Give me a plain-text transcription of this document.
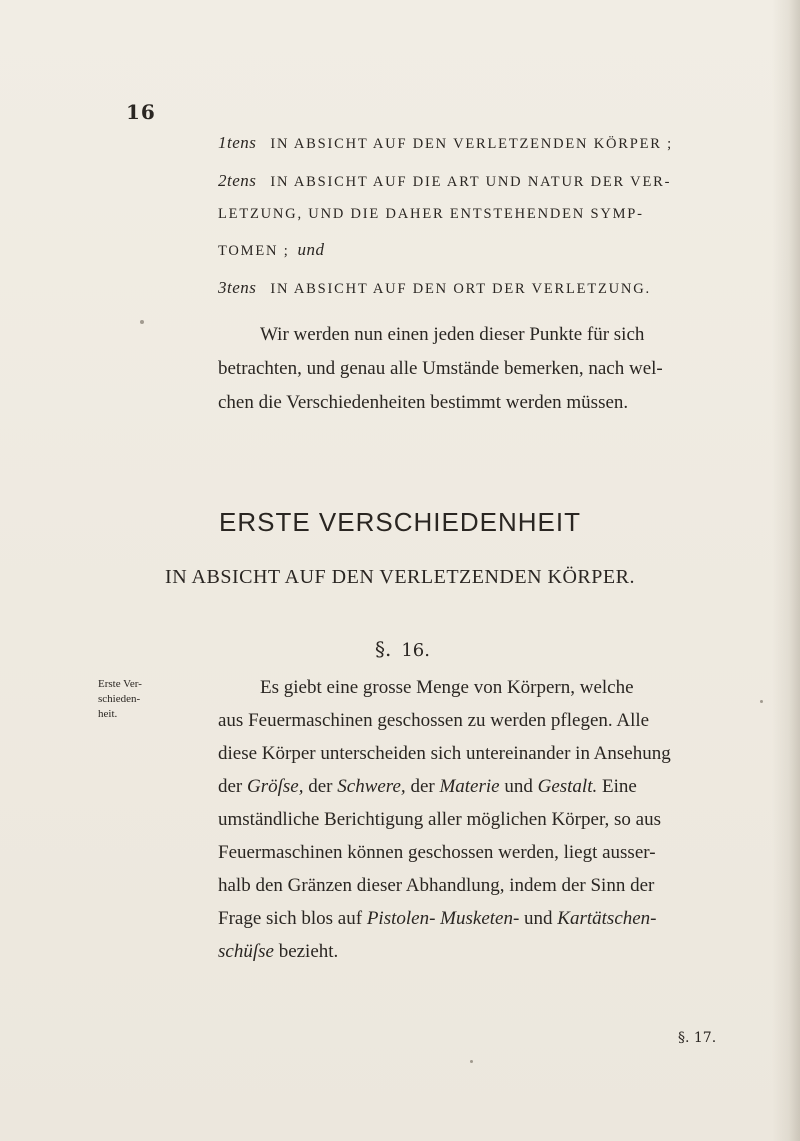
16
1tens IN ABSICHT AUF DEN VERLETZENDEN KÖRPER ;
2tens IN ABSICHT AUF DIE ART UND NATUR DER VER-
LETZUNG, UND DIE DAHER ENTSTEHENDEN SYMP-
TOMEN ; und
3tens IN ABSICHT AUF DEN ORT DER VERLETZUNG.
Wir werden nun einen jeden dieser Punkte für sich
betrachten, und genau alle Umstände bemerken, nach wel-
chen die Verschiedenheiten bestimmt werden müssen.
ERSTE VERSCHIEDENHEIT
IN ABSICHT AUF DEN VERLETZENDEN KÖRPER.
§. 16.
Erste Ver-
schieden-
heit.
Es giebt eine grosse Menge von Körpern, welche
aus Feuermaschinen geschossen zu werden pflegen. Alle
diese Körper unterscheiden sich untereinander in Ansehung
der Gröſse, der Schwere, der Materie und Gestalt. Eine
umständliche Berichtigung aller möglichen Körper, so aus
Feuermaschinen können geschossen werden, liegt ausser-
halb den Gränzen dieser Abhandlung, indem der Sinn der
Frage sich blos auf Pistolen- Musketen- und Kartätschen-
schüſse bezieht.
§. 17.
